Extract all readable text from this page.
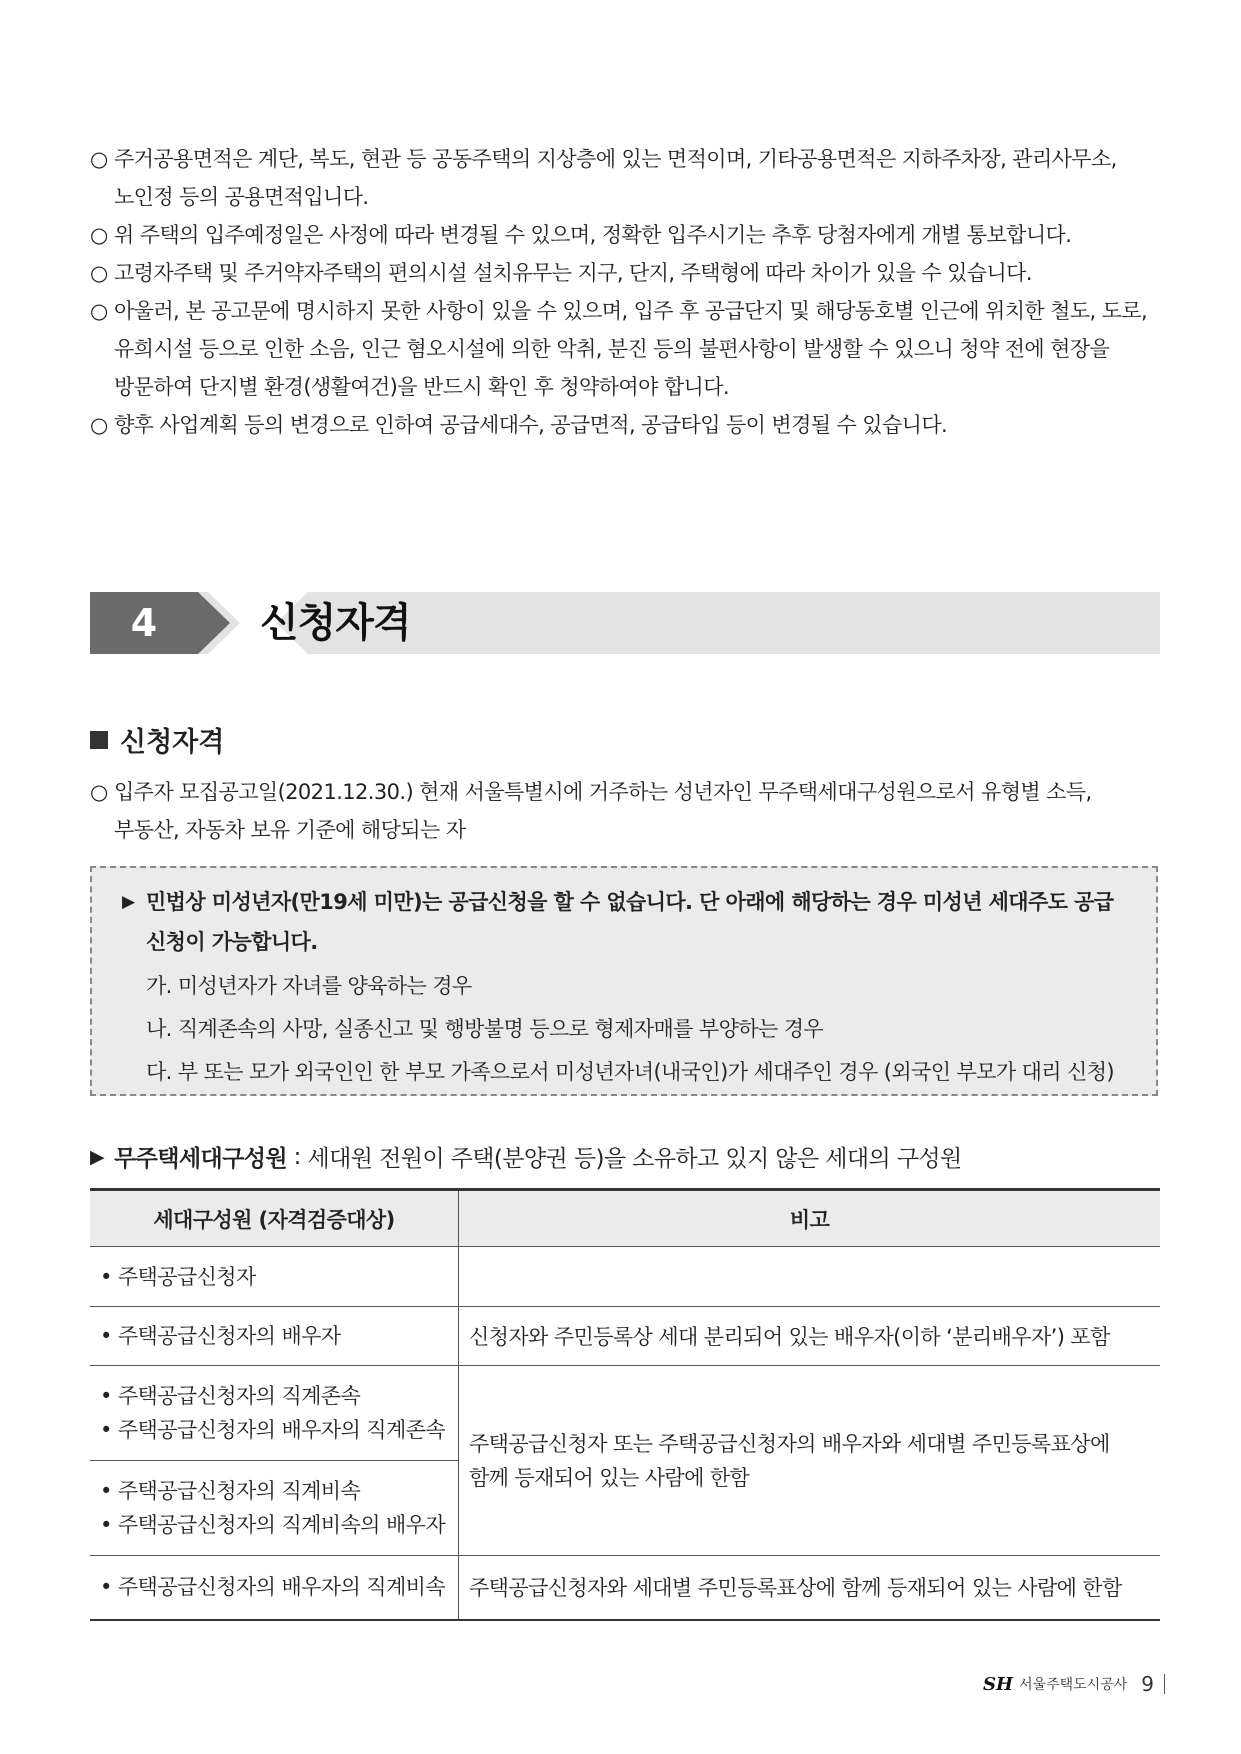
○ 주거공용면적은 계단, 복도, 현관 등 공동주택의 지상층에 있는 면적이며, 기타공용면적은 지하주차장, 관리사무소,
노인정 등의 공용면적입니다.
○ 위 주택의 입주예정일은 사정에 따라 변경될 수 있으며, 정확한 입주시기는 추후 당첨자에게 개별 통보합니다.
○ 고령자주택 및 주거약자주택의 편의시설 설치유무는 지구, 단지, 주택형에 따라 차이가 있을 수 있습니다.
○ 아울러, 본 공고문에 명시하지 못한 사항이 있을 수 있으며, 입주 후 공급단지 및 해당동호별 인근에 위치한 철도, 도로,
유희시설 등으로 인한 소음, 인근 혐오시설에 의한 악취, 분진 등의 불편사항이 발생할 수 있으니 청약 전에 현장을
방문하여 단지별 환경(생활여건)을 반드시 확인 후 청약하여야 합니다.
○ 향후 사업계획 등의 변경으로 인하여 공급세대수, 공급면적, 공급타입 등이 변경될 수 있습니다.
4	신청자격
신청자격
○ 입주자 모집공고일(2021.12.30.) 현재 서울특별시에 거주하는 성년자인 무주택세대구성원으로서 유형별 소득,
부동산, 자동차 보유 기준에 해당되는 자
▶ 민법상 미성년자(만19세 미만)는 공급신청을 할 수 없습니다. 단 아래에 해당하는 경우 미성년 세대주도 공급
신청이 가능합니다.
가. 미성년자가 자녀를 양육하는 경우
나. 직계존속의 사망, 실종신고 및 행방불명 등으로 형제자매를 부양하는 경우
다. 부 또는 모가 외국인인 한 부모 가족으로서 미성년자녀(내국인)가 세대주인 경우 (외국인 부모가 대리 신청)
▶ 무주택세대구성원 : 세대원 전원이 주택(분양권 등)을 소유하고 있지 않은 세대의 구성원
세대구성원 (자격검증대상)	비고

• 주택공급신청자	

• 주택공급신청자의 배우자	신청자와 주민등록상 세대 분리되어 있는 배우자(이하 ‘분리배우자’) 포함

• 주택공급신청자의 직계존속
• 주택공급신청자의 배우자의 직계존속	주택공급신청자 또는 주택공급신청자의 배우자와 세대별 주민등록표상에
함께 등재되어 있는 사람에 한함

• 주택공급신청자의 직계비속
• 주택공급신청자의 직계비속의 배우자	

• 주택공급신청자의 배우자의 직계비속	주택공급신청자와 세대별 주민등록표상에 함께 등재되어 있는 사람에 한함
SH 서울주택도시공사 9
